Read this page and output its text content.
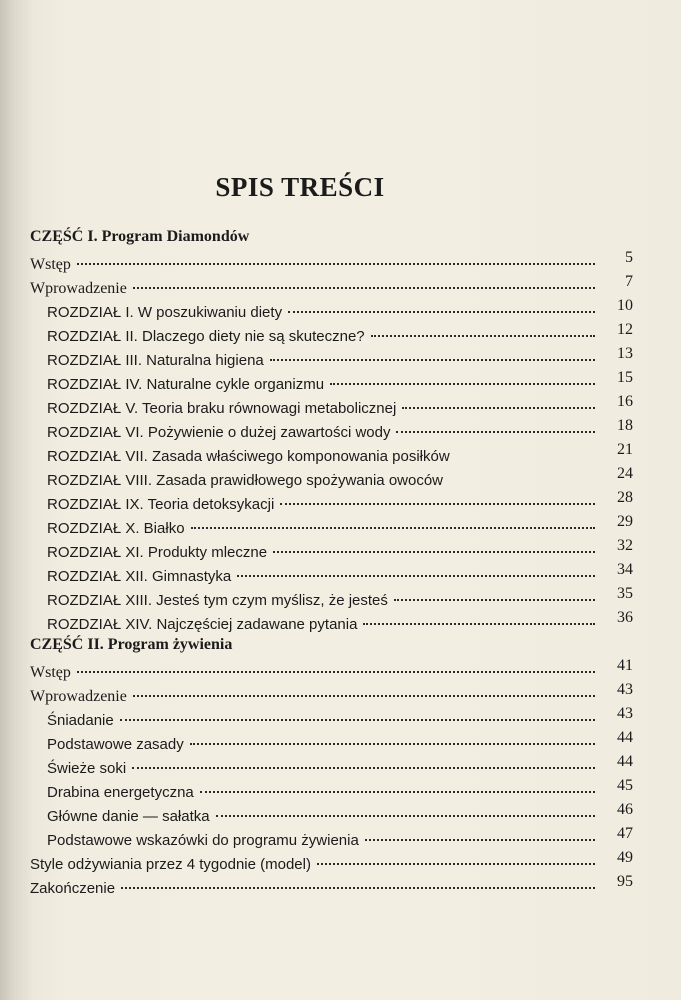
SPIS TREŚCI
CZĘŚĆ I. Program Diamondów
Wstęp	5
Wprowadzenie	7
ROZDZIAŁ I. W poszukiwaniu diety	10
ROZDZIAŁ II. Dlaczego diety nie są skuteczne?	12
ROZDZIAŁ III. Naturalna higiena	13
ROZDZIAŁ IV. Naturalne cykle organizmu	15
ROZDZIAŁ V. Teoria braku równowagi metabolicznej	16
ROZDZIAŁ VI. Pożywienie o dużej zawartości wody	18
ROZDZIAŁ VII. Zasada właściwego komponowania posiłków	21
ROZDZIAŁ VIII. Zasada prawidłowego spożywania owoców	24
ROZDZIAŁ IX. Teoria detoksykacji	28
ROZDZIAŁ X. Białko	29
ROZDZIAŁ XI. Produkty mleczne	32
ROZDZIAŁ XII. Gimnastyka	34
ROZDZIAŁ XIII. Jesteś tym czym myślisz, że jesteś	35
ROZDZIAŁ XIV. Najczęściej zadawane pytania	36
CZĘŚĆ II. Program żywienia
Wstęp	41
Wprowadzenie	43
Śniadanie	43
Podstawowe zasady	44
Świeże soki	44
Drabina energetyczna	45
Główne danie — sałatka	46
Podstawowe wskazówki do programu żywienia	47
Style odżywiania przez 4 tygodnie (model)	49
Zakończenie	95
